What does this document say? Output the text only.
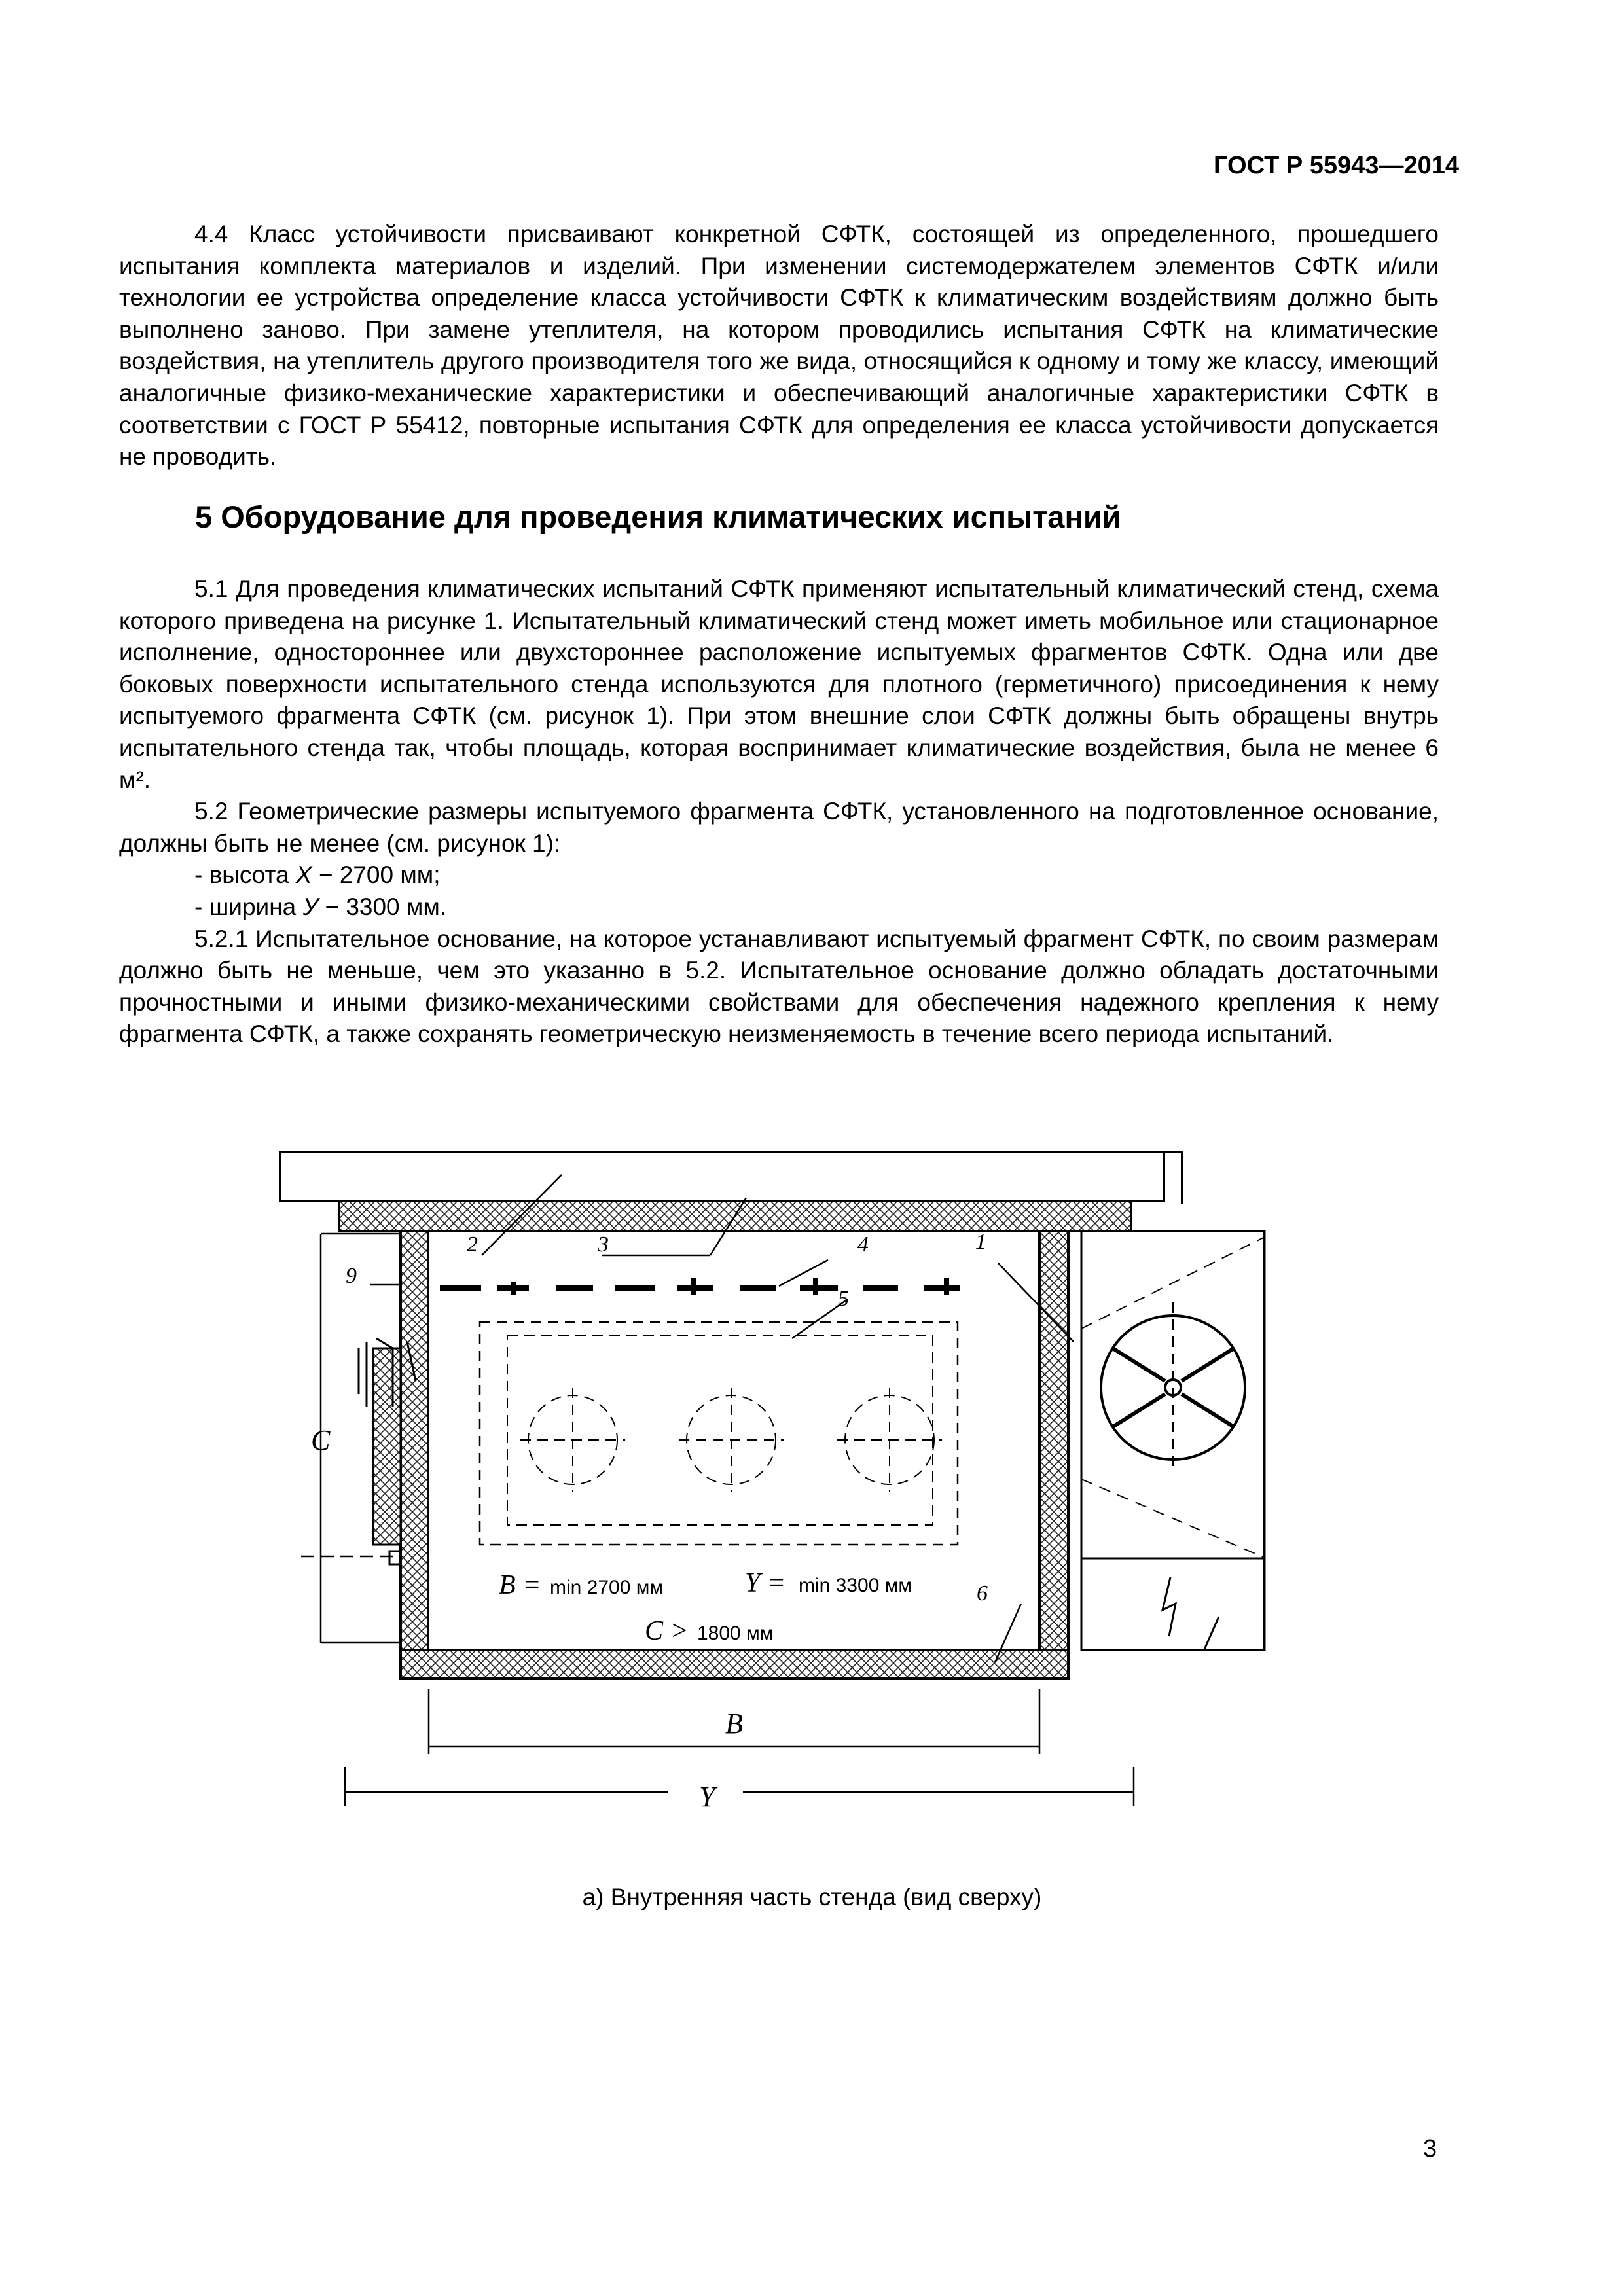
ГОСТ Р 55943—2014

4.4 Класс устойчивости присваивают конкретной СФТК, состоящей из определенного, прошедшего испытания комплекта материалов и изделий. При изменении системодержателем элементов СФТК и/или технологии ее устройства определение класса устойчивости СФТК к климатическим воздействиям должно быть выполнено заново. При замене утеплителя, на котором проводились испытания СФТК на климатические воздействия, на утеплитель другого производителя того же вида, относящийся к одному и тому же классу, имеющий аналогичные физико-механические характеристики и обеспечивающий аналогичные характеристики СФТК в соответствии с ГОСТ Р 55412, повторные испытания СФТК для определения ее класса устойчивости допускается не проводить.

5 Оборудование для проведения климатических испытаний

5.1 Для проведения климатических испытаний СФТК применяют испытательный климатический стенд, схема которого приведена на рисунке 1. Испытательный климатический стенд может иметь мобильное или стационарное исполнение, одностороннее или двухстороннее расположение испытуемых фрагментов СФТК. Одна или две боковых поверхности испытательного стенда используются для плотного (герметичного) присоединения к нему испытуемого фрагмента СФТК (см. рисунок 1). При этом внешние слои СФТК должны быть обращены внутрь испытательного стенда так, чтобы площадь, которая воспринимает климатические воздействия, была не менее 6 м².

5.2 Геометрические размеры испытуемого фрагмента СФТК, установленного на подготовленное основание, должны быть не менее (см. рисунок 1):

- высота X − 2700 мм;

- ширина У − 3300 мм.

5.2.1 Испытательное основание, на которое устанавливают испытуемый фрагмент СФТК, по своим размерам должно быть не меньше, чем это указанно в 5.2. Испытательное основание должно обладать достаточными прочностными и иными физико-механическими свойствами для обеспечения надежного крепления к нему фрагмента СФТК, а также сохранять геометрическую неизменяемость в течение всего периода испытаний.

1
2	3	4
5
6
9
C
B
Y
B = min 2700 мм	Y = min 3300 мм
C > 1800 мм
а) Внутренняя часть стенда (вид сверху)
3
